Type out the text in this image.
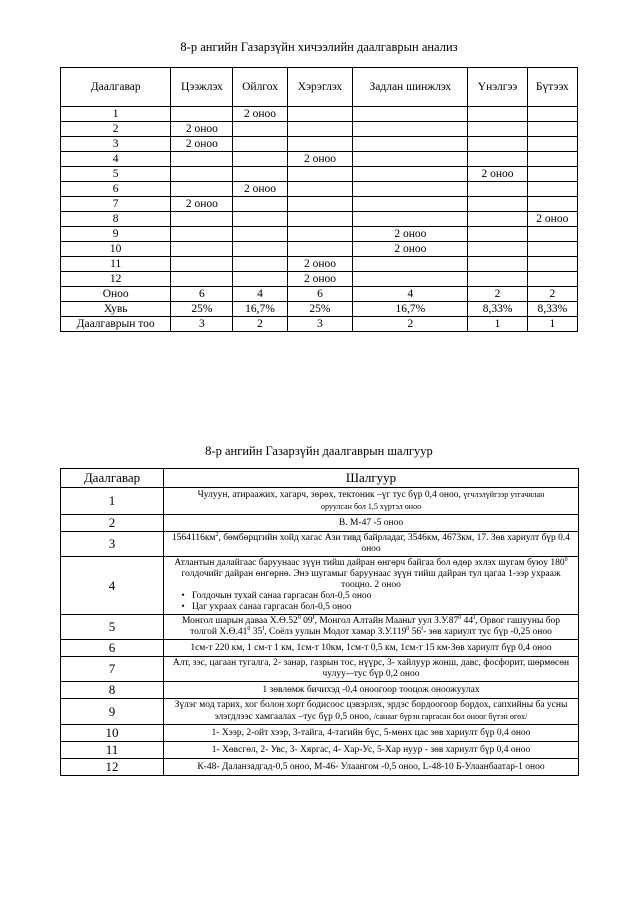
8-р ангийн Газарзүйн хичээлийн даалгаврын анализ
Даалгавар	Цээжлэх	Ойлгох	Хэрэглэх	Задлан шинжлэх	Үнэлгээ	Бүтээх
1		2 оноо				
2	2 оноо					
3	2 оноо					
4			2 оноо			
5					2 оноо	
6		2 оноо				
7	2 оноо					
8						2 оноо
9				2 оноо		
10				2 оноо		
11			2 оноо			
12			2 оноо			
Оноо	6	4	6	4	2	2
Хувь	25%	16,7%	25%	16,7%	8,33%	8,33%
Даалгаврын тоо	3	2	3	2	1	1
8-р ангийн Газарзүйн даалгаврын шалгуур
Даалгавар	Шалгуур
1	Чулуун, атираажих, хагарч, зөрөх, тектоник –үг тус бүр 0,4 оноо, үгчлэлүйгээр утгачилан
оруулсан бол 1,5 хүртэл оноо
2	В. М-47 -5 оноо
3	$1564116км^2$, бөмбөрцгийн хойд хагас Ази тивд байрладаг, 3546км, 4673км, 17. Зөв хариулт бүр 0.4 оноо
4	Атлантын далайгаас баруунаас зүүн тийш дайран өнгөрч байгаа бол өдөр эхлэх шугам буюу $180^0$ голдочийг дайран өнгөрнө. Энэ шугамыг баруунаас зүүн тийш дайран тул цагаа 1-ээр ухрааж тооцно. 2 оноо
• Голдочын тухай санаа гаргасан бол-0,5 оноо
• Цаг ухраах санаа гаргасан бол-0,5 оноо

5	Монгол шарын даваа $Х.Ө.52^0$ $09^I$, Монгол Алтайн Мааньт уул $З.У.87^0$ $44^I$, Орвог гашууны бор толгой $Х.Ө.41^0$ $35^I$, Соёлз уулын Модот хамар З.У.119$^0$ $56^I-$ зөв хариулт тус бүр -0,25 оноо
6	1см-т 220 км, 1 см-т 1 км, 1см-т 10км, 1см-т 0,5 км, 1см-т 15 км-Зөв хариулт бүр 0,4 оноо
7	Алт, зэс, цагаан тугалга, 2- занар, газрын тос, нүүрс, 3- хайлуур жонш, давс, фосфорит, шөрмөсөн чулуу-–тус бүр 0,2 оноо
8	1 зөвлөмж бичихэд -0,4 оноогоор тооцож оноожуулах
9	Зүлэг мод тарих, хог болон хорт бодисоос цэвэрлэх, эрдэс бордоогоор бордох, сапхийны ба усны элэгдлээс хамгаалах –тус бүр 0,5 оноо, /санааг бүрэн гаргасан бол оноог бүтэн өгөх/
10	1- Хээр, 2-ойт хээр, 3-тайга, 4-тагийн бүс, 5-мөнх цас зөв хариулт бүр 0,4 оноо
11	1- Хөвсгөл, 2- Увс, 3- Хяргас, 4- Хар-Ус, 5-Хар нуур - зөв хариулт бүр 0,4 оноо
12	К-48- Даланзадгад-0,5 оноо, М-46- Улаангом -0,5 оноо, L-48-10 Б-Улаанбаатар-1 оноо
